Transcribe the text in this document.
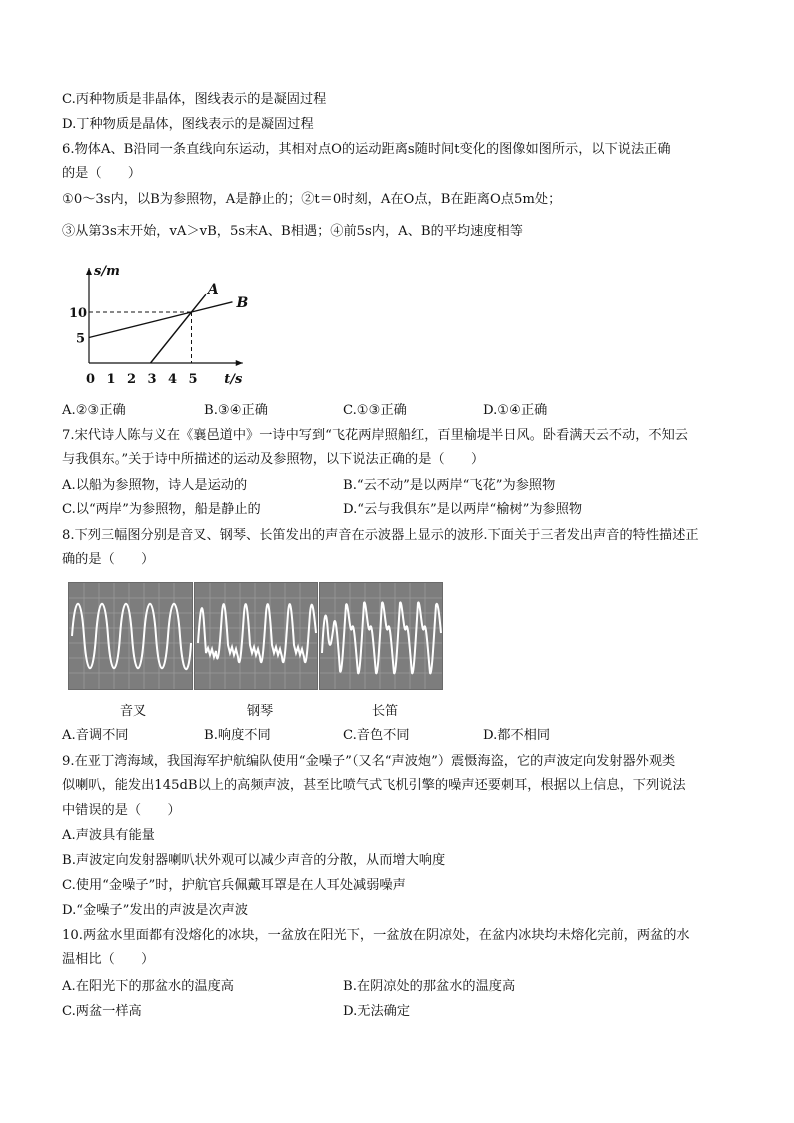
C.丙种物质是非晶体，图线表示的是凝固过程
D.丁种物质是晶体，图线表示的是凝固过程
6.物体A、B沿同一条直线向东运动，其相对点O的运动距离s随时间t变化的图像如图所示，以下说法正确
的是（　　）
①0～3s内，以B为参照物，A是静止的；②t＝0时刻，A在O点，B在距离O点5m处；
③从第3s末开始，vA＞vB，5s末A、B相遇；④前5s内，A、B的平均速度相等
s/m
t/s
0 1 2 3 4 5
5
10
A
B
A.②③正确	B.③④正确	C.①③正确	D.①④正确
7.宋代诗人陈与义在《襄邑道中》一诗中写到“飞花两岸照船红，百里榆堤半日风。卧看满天云不动，不知云
与我俱东。”关于诗中所描述的运动及参照物，以下说法正确的是（　　）
A.以船为参照物，诗人是运动的	B.“云不动”是以两岸“飞花”为参照物
C.以“两岸”为参照物，船是静止的	D.“云与我俱东”是以两岸“榆树”为参照物
8.下列三幅图分别是音叉、钢琴、长笛发出的声音在示波器上显示的波形.下面关于三者发出声音的特性描述正
确的是（　　）
音叉	钢琴	长笛
A.音调不同	B.响度不同	C.音色不同	D.都不相同
9.在亚丁湾海域，我国海军护航编队使用“金噪子”（又名“声波炮”）震慑海盗，它的声波定向发射器外观类
似喇叭，能发出145dB以上的高频声波，甚至比喷气式飞机引擎的噪声还要刺耳，根据以上信息，下列说法
中错误的是（　　）
A.声波具有能量
B.声波定向发射器喇叭状外观可以减少声音的分散，从而增大响度
C.使用“金噪子”时，护航官兵佩戴耳罩是在人耳处减弱噪声
D.“金噪子”发出的声波是次声波
10.两盆水里面都有没熔化的冰块，一盆放在阳光下，一盆放在阴凉处，在盆内冰块均未熔化完前，两盆的水
温相比（　　）
A.在阳光下的那盆水的温度高	B.在阴凉处的那盆水的温度高
C.两盆一样高	D.无法确定
